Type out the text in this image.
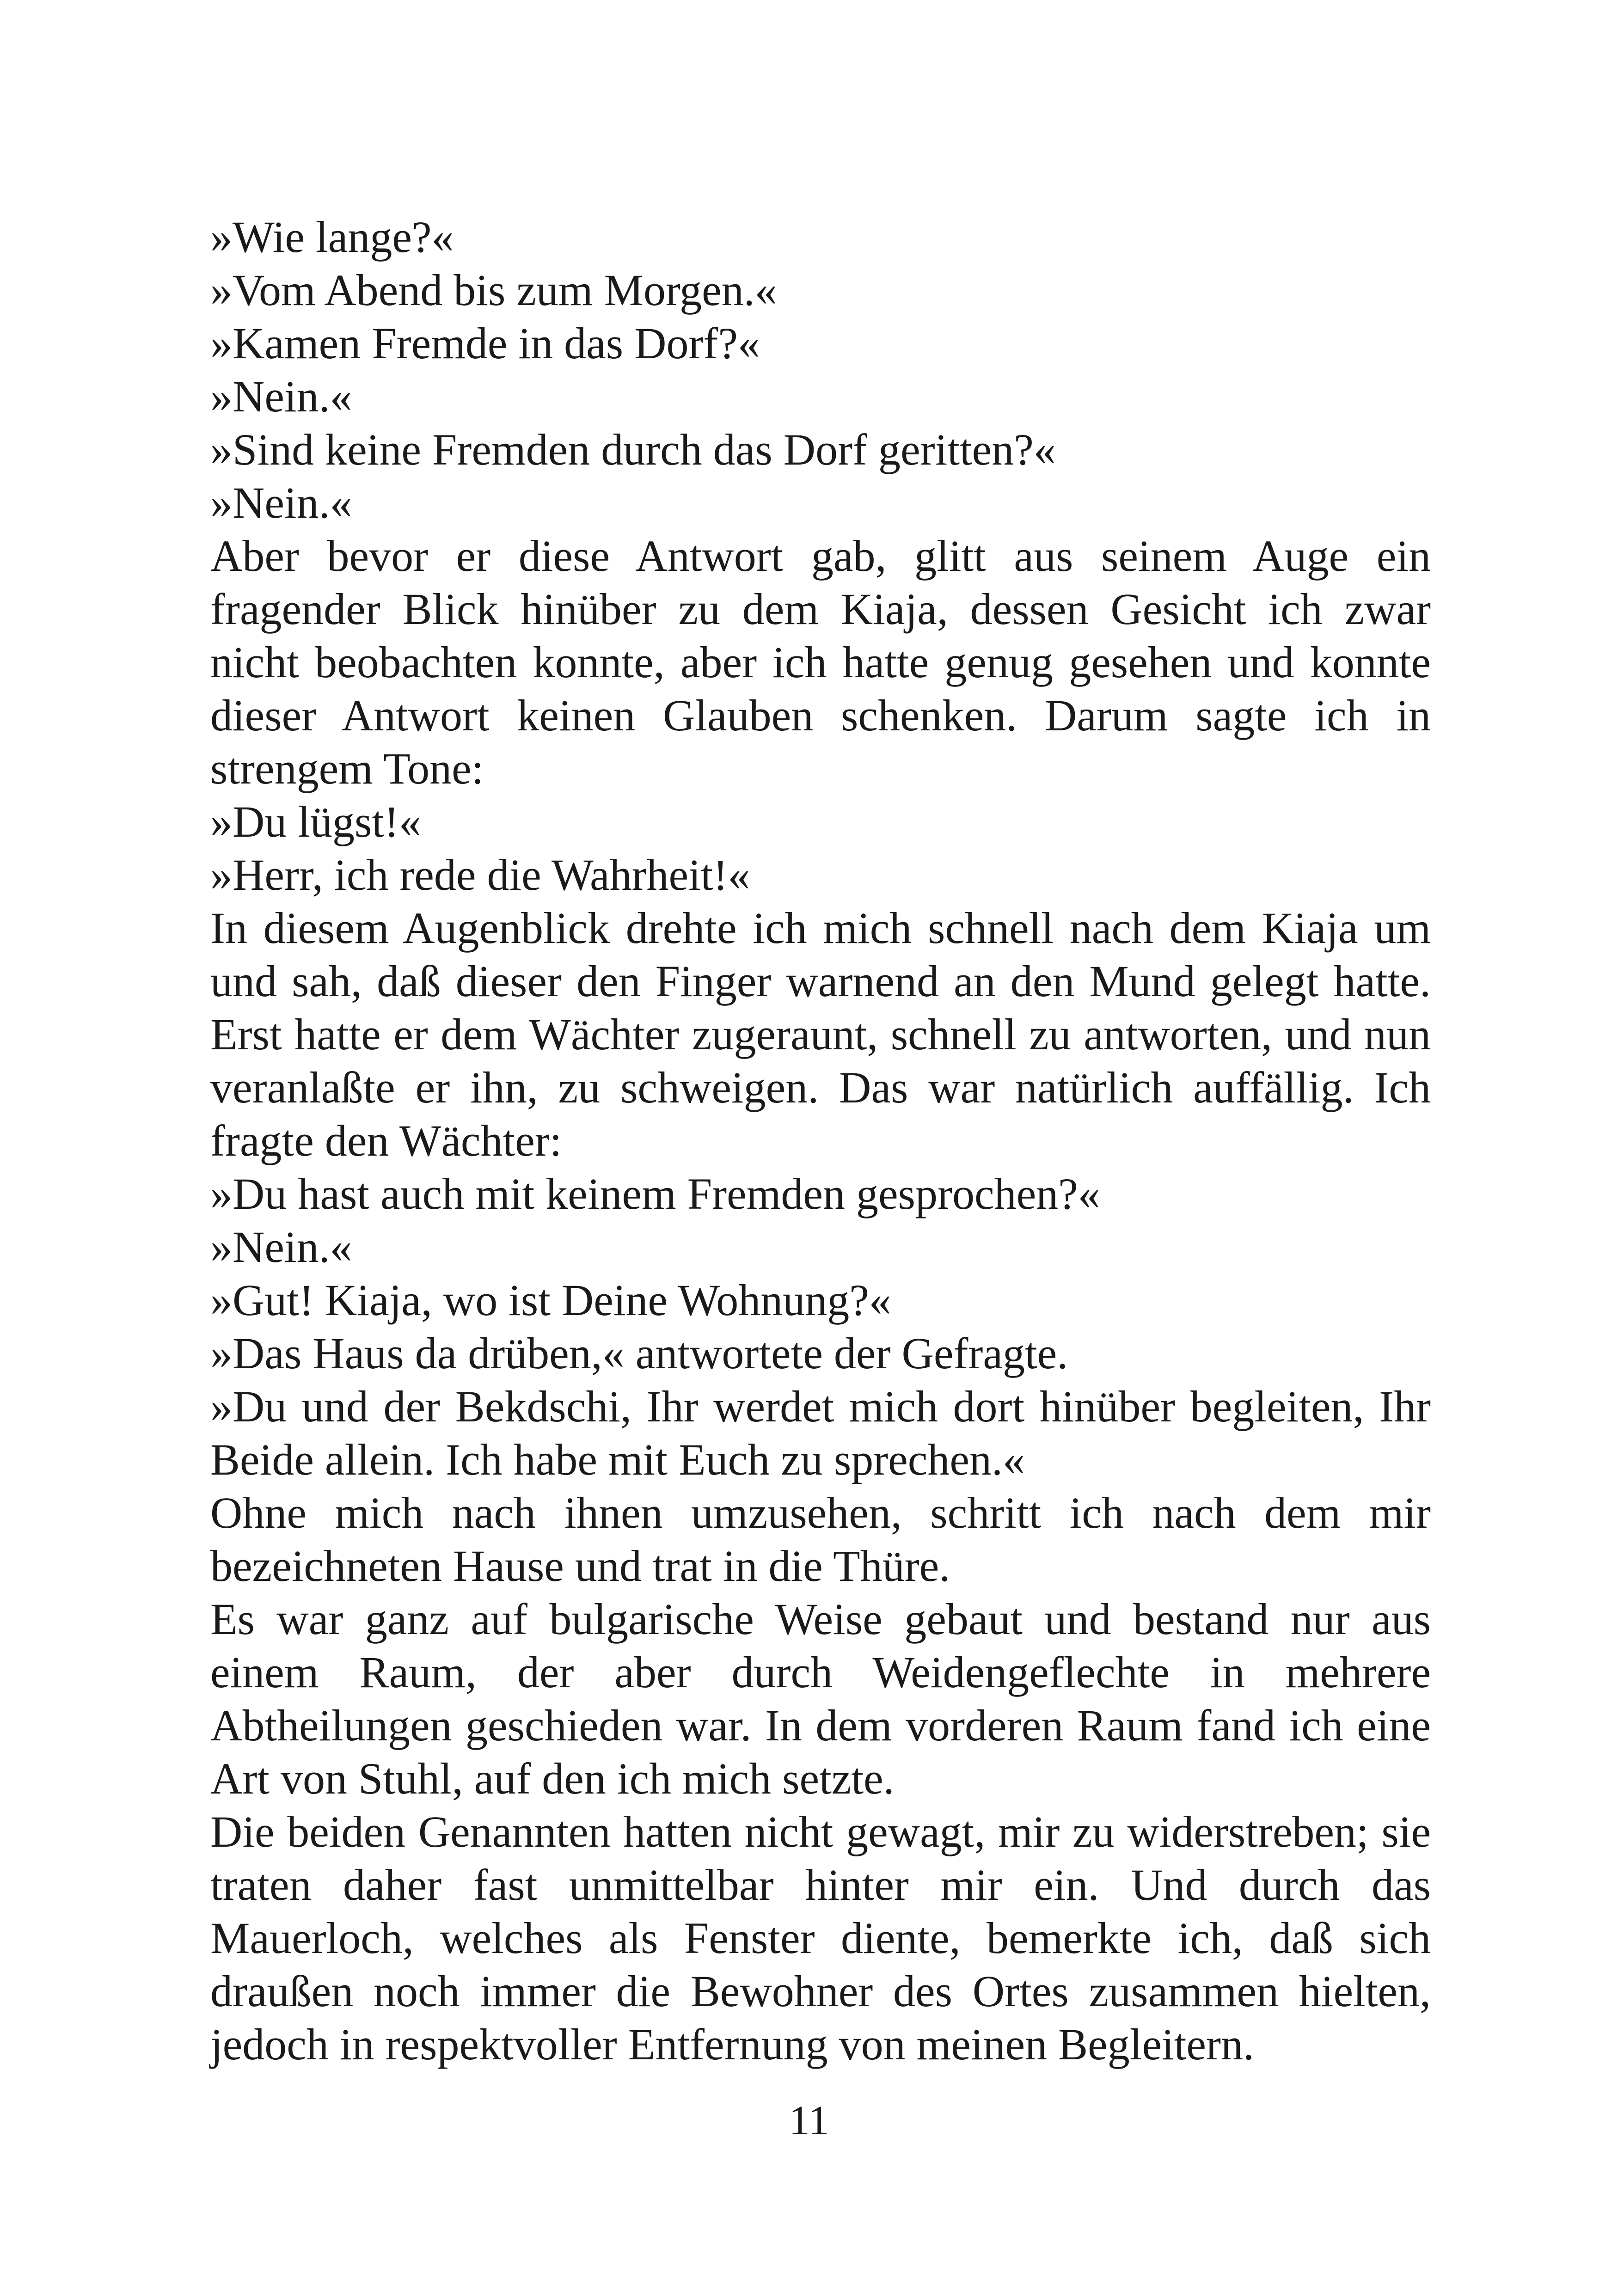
»Wie lange?«
»Vom Abend bis zum Morgen.«
»Kamen Fremde in das Dorf?«
»Nein.«
»Sind keine Fremden durch das Dorf geritten?«
»Nein.«
Aber bevor er diese Antwort gab, glitt aus seinem Auge ein fragender Blick hinüber zu dem Kiaja, dessen Gesicht ich zwar nicht beobachten konnte, aber ich hatte genug gesehen und konnte dieser Antwort keinen Glauben schenken. Darum sagte ich in strengem Tone:
»Du lügst!«
»Herr, ich rede die Wahrheit!«
In diesem Augenblick drehte ich mich schnell nach dem Kiaja um und sah, daß dieser den Finger warnend an den Mund gelegt hatte. Erst hatte er dem Wächter zugeraunt, schnell zu antworten, und nun veranlaßte er ihn, zu schweigen. Das war natürlich auffällig. Ich fragte den Wächter:
»Du hast auch mit keinem Fremden gesprochen?«
»Nein.«
»Gut! Kiaja, wo ist Deine Wohnung?«
»Das Haus da drüben,« antwortete der Gefragte.
»Du und der Bekdschi, Ihr werdet mich dort hinüber begleiten, Ihr Beide allein. Ich habe mit Euch zu sprechen.«
Ohne mich nach ihnen umzusehen, schritt ich nach dem mir bezeichneten Hause und trat in die Thüre.
Es war ganz auf bulgarische Weise gebaut und bestand nur aus einem Raum, der aber durch Weidengeflechte in mehrere Abtheilungen geschieden war. In dem vorderen Raum fand ich eine Art von Stuhl, auf den ich mich setzte.
Die beiden Genannten hatten nicht gewagt, mir zu widerstreben; sie traten daher fast unmittelbar hinter mir ein. Und durch das Mauerloch, welches als Fenster diente, bemerkte ich, daß sich draußen noch immer die Bewohner des Ortes zusammen hielten, jedoch in respektvoller Entfernung von meinen Begleitern.
11
